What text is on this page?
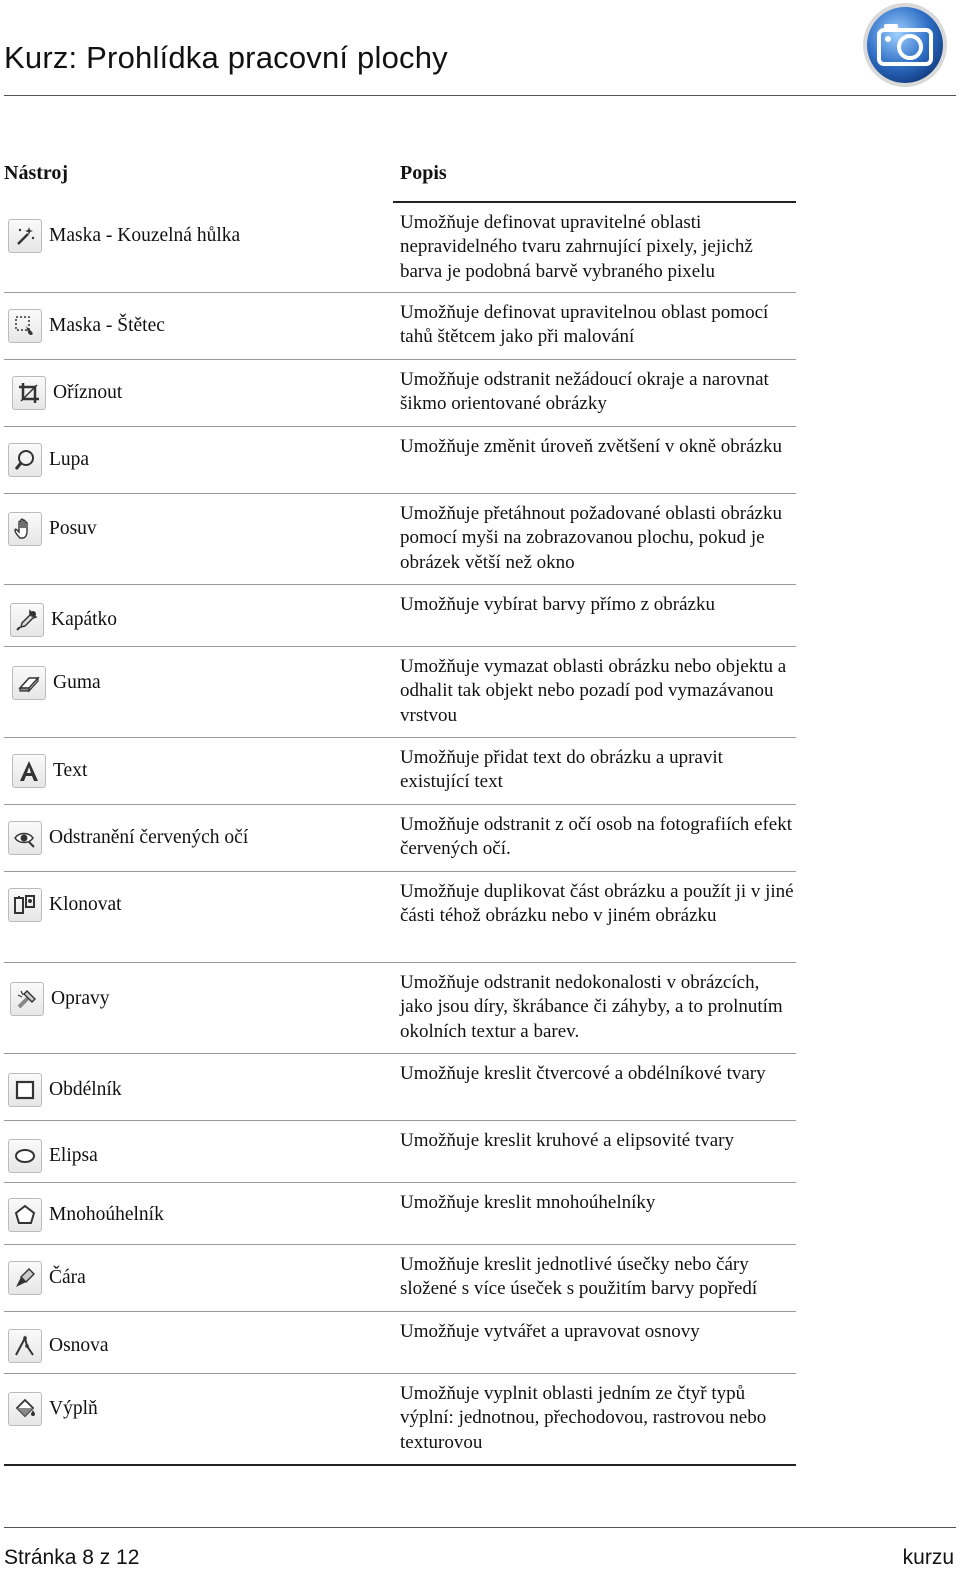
Kurz: Prohlídka pracovní plochy
Nástroj	Popis
Maska - Kouzelná hůlka
Umožňuje definovat upravitelné oblasti nepravidelného tvaru zahrnující pixely, jejichž barva je podobná barvě vybraného pixelu
Maska - Štětec
Umožňuje definovat upravitelnou oblast pomocí tahů štětcem jako při malování
Oříznout
Umožňuje odstranit nežádoucí okraje a narovnat šikmo orientované obrázky
Lupa
Umožňuje změnit úroveň zvětšení v okně obrázku
Posuv
Umožňuje přetáhnout požadované oblasti obrázku pomocí myši na zobrazovanou plochu, pokud je obrázek větší než okno
Kapátko
Umožňuje vybírat barvy přímo z obrázku
Guma
Umožňuje vymazat oblasti obrázku nebo objektu a odhalit tak objekt nebo pozadí pod vymazávanou vrstvou
Text
Umožňuje přidat text do obrázku a upravit existující text
Odstranění červených očí
Umožňuje odstranit z očí osob na fotografiích efekt červených očí.
Klonovat
Umožňuje duplikovat část obrázku a použít ji v jiné části téhož obrázku nebo v jiném obrázku
Opravy
Umožňuje odstranit nedokonalosti v obrázcích, jako jsou díry, škrábance či záhyby, a to prolnutím okolních textur a barev.
Obdélník
Umožňuje kreslit čtvercové a obdélníkové tvary
Elipsa
Umožňuje kreslit kruhové a elipsovité tvary
Mnohoúhelník
Umožňuje kreslit mnohoúhelníky
Čára
Umožňuje kreslit jednotlivé úsečky nebo čáry složené s více úseček s použitím barvy popředí
Osnova
Umožňuje vytvářet a upravovat osnovy
Výplň
Umožňuje vyplnit oblasti jedním ze čtyř typů výplní: jednotnou, přechodovou, rastrovou nebo texturovou
Stránka 8 z 12	kurzu
